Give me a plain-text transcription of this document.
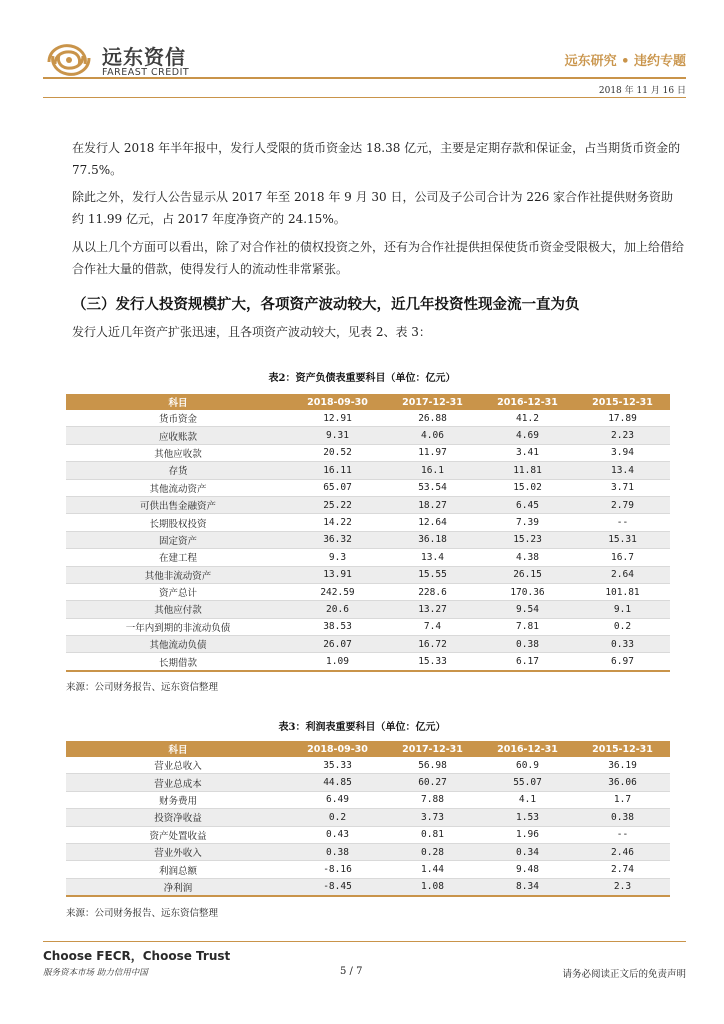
远东资信
FAREAST CREDIT
远东研究 • 违约专题
2018 年 11 月 16 日
在发行人 2018 年半年报中，发行人受限的货币资金达 18.38 亿元，主要是定期存款和保证金，占当期货币资金的 77.5%。
除此之外，发行人公告显示从 2017 年至 2018 年 9 月 30 日，公司及子公司合计为 226 家合作社提供财务资助约 11.99 亿元，占 2017 年度净资产的 24.15%。
从以上几个方面可以看出，除了对合作社的债权投资之外，还有为合作社提供担保使货币资金受限极大，加上给借给合作社大量的借款，使得发行人的流动性非常紧张。
（三）发行人投资规模扩大，各项资产波动较大，近几年投资性现金流一直为负
发行人近几年资产扩张迅速，且各项资产波动较大，见表 2、表 3：
表2：资产负债表重要科目（单位：亿元）
科目	2018-09-30	2017-12-31	2016-12-31	2015-12-31
货币资金	12.91	26.88	41.2	17.89
应收账款	9.31	4.06	4.69	2.23
其他应收款	20.52	11.97	3.41	3.94
存货	16.11	16.1	11.81	13.4
其他流动资产	65.07	53.54	15.02	3.71
可供出售金融资产	25.22	18.27	6.45	2.79
长期股权投资	14.22	12.64	7.39	--
固定资产	36.32	36.18	15.23	15.31
在建工程	9.3	13.4	4.38	16.7
其他非流动资产	13.91	15.55	26.15	2.64
资产总计	242.59	228.6	170.36	101.81
其他应付款	20.6	13.27	9.54	9.1
一年内到期的非流动负债	38.53	7.4	7.81	0.2
其他流动负债	26.07	16.72	0.38	0.33
长期借款	1.09	15.33	6.17	6.97
来源：公司财务报告、远东资信整理
表3：利润表重要科目（单位：亿元）
科目	2018-09-30	2017-12-31	2016-12-31	2015-12-31
营业总收入	35.33	56.98	60.9	36.19
营业总成本	44.85	60.27	55.07	36.06
财务费用	6.49	7.88	4.1	1.7
投资净收益	0.2	3.73	1.53	0.38
资产处置收益	0.43	0.81	1.96	--
营业外收入	0.38	0.28	0.34	2.46
利润总额	-8.16	1.44	9.48	2.74
净利润	-8.45	1.08	8.34	2.3
来源：公司财务报告、远东资信整理
Choose FECR，Choose Trust
服务资本市场 助力信用中国	5 / 7	请务必阅读正文后的免责声明
